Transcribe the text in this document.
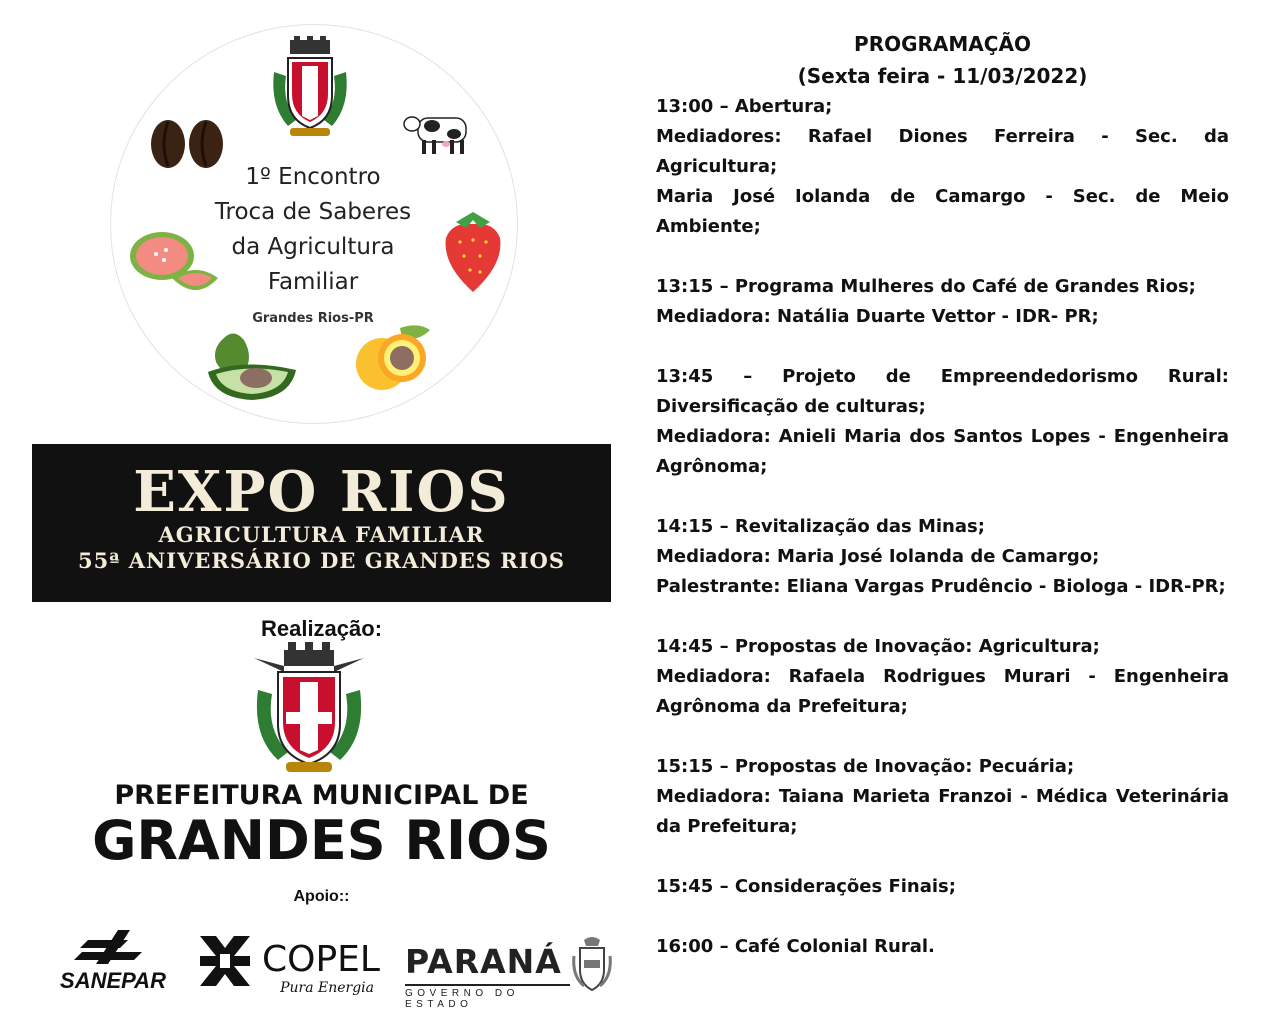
1º Encontro
Troca de Saberes
da Agricultura
Familiar
Grandes Rios-PR
EXPO RIOS
AGRICULTURA FAMILIAR
55ª ANIVERSÁRIO DE GRANDES RIOS
Realização:
PREFEITURA MUNICIPAL DE
GRANDES RIOS
Apoio::
SANEPAR
COPEL
Pura Energia
PARANÁ
GOVERNO DO ESTADO
PROGRAMAÇÃO
(Sexta feira - 11/03/2022)

13:00 – Abertura;

Mediadores: Rafael Diones Ferreira - Sec. da Agricultura;

Maria José Iolanda de Camargo - Sec. de Meio Ambiente;

13:15 – Programa Mulheres do Café de Grandes Rios;

Mediadora: Natália Duarte Vettor - IDR- PR;

13:45 – Projeto de Empreendedorismo Rural: Diversificação de culturas;

Mediadora: Anieli Maria dos Santos Lopes - Engenheira Agrônoma;

14:15 – Revitalização das Minas;

Mediadora: Maria José Iolanda de Camargo;

Palestrante: Eliana Vargas Prudêncio - Biologa - IDR-PR;

14:45 – Propostas de Inovação: Agricultura;

Mediadora: Rafaela Rodrigues Murari - Engenheira Agrônoma da Prefeitura;

15:15 – Propostas de Inovação: Pecuária;

Mediadora: Taiana Marieta Franzoi - Médica Veterinária da Prefeitura;

15:45 – Considerações Finais;

16:00 – Café Colonial Rural.
